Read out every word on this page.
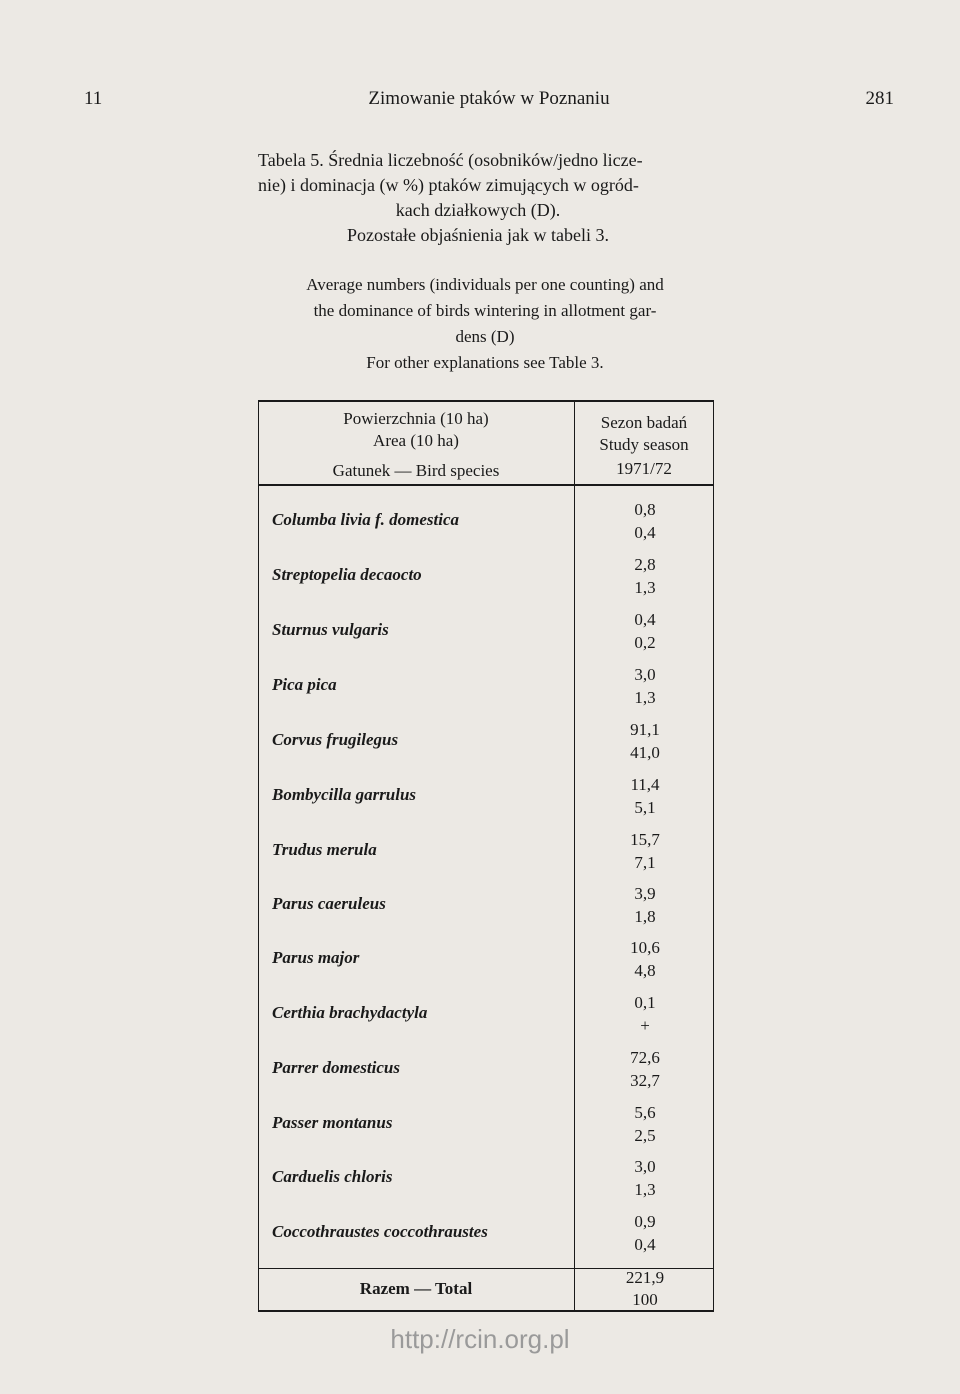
11	Zimowanie ptaków w Poznaniu	281
Tabela 5. Średnia liczebność (osobników/jedno licze-
nie) i dominacja (w %) ptaków zimujących w ogród-
kach działkowych (D).
Pozostałe objaśnienia jak w tabeli 3.
Average numbers (individuals per one counting) and
the dominance of birds wintering in allotment gar-
dens (D)
For other explanations see Table 3.
Powierzchnia (10 ha)
Area (10 ha)
Gatunek — Bird species
Sezon badań
Study season
1971/72
Columba livia f. domestica
0,8
0,4
Streptopelia decaocto
2,8
1,3
Sturnus vulgaris
0,4
0,2
Pica pica
3,0
1,3
Corvus frugilegus
91,1
41,0
Bombycilla garrulus
11,4
5,1
Trudus merula
15,7
7,1
Parus caeruleus
3,9
1,8
Parus major
10,6
4,8
Certhia brachydactyla
0,1
+
Parrer domesticus
72,6
32,7
Passer montanus
5,6
2,5
Carduelis chloris
3,0
1,3
Coccothraustes coccothraustes
0,9
0,4
Razem — Total
221,9
100
http://rcin.org.pl
